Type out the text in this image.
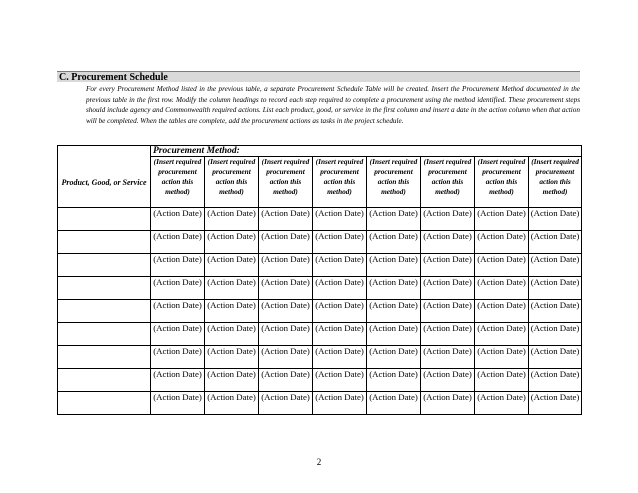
C. Procurement Schedule
For every Procurement Method listed in the previous table, a separate Procurement Schedule Table will be created. Insert the Procurement Method documented in the previous table in the first row. Modify the column headings to record each step required to complete a procurement using the method identified. These procurement steps should include agency and Commonwealth required actions. List each product, good, or service in the first column and insert a date in the action column when that action will be completed. When the tables are complete, add the procurement actions as tasks in the project schedule.
Product, Good, or Service	Procurement Method:							
	(Insert required procurement action this method)	(Insert required procurement action this method)	(Insert required procurement action this method)	(Insert required procurement action this method)	(Insert required procurement action this method)	(Insert required procurement action this method)	(Insert required procurement action this method)	(Insert required procurement action this method)
	(Action Date)	(Action Date)	(Action Date)	(Action Date)	(Action Date)	(Action Date)	(Action Date)	(Action Date)
	(Action Date)	(Action Date)	(Action Date)	(Action Date)	(Action Date)	(Action Date)	(Action Date)	(Action Date)
	(Action Date)	(Action Date)	(Action Date)	(Action Date)	(Action Date)	(Action Date)	(Action Date)	(Action Date)
	(Action Date)	(Action Date)	(Action Date)	(Action Date)	(Action Date)	(Action Date)	(Action Date)	(Action Date)
	(Action Date)	(Action Date)	(Action Date)	(Action Date)	(Action Date)	(Action Date)	(Action Date)	(Action Date)
	(Action Date)	(Action Date)	(Action Date)	(Action Date)	(Action Date)	(Action Date)	(Action Date)	(Action Date)
	(Action Date)	(Action Date)	(Action Date)	(Action Date)	(Action Date)	(Action Date)	(Action Date)	(Action Date)
	(Action Date)	(Action Date)	(Action Date)	(Action Date)	(Action Date)	(Action Date)	(Action Date)	(Action Date)
	(Action Date)	(Action Date)	(Action Date)	(Action Date)	(Action Date)	(Action Date)	(Action Date)	(Action Date)
2
